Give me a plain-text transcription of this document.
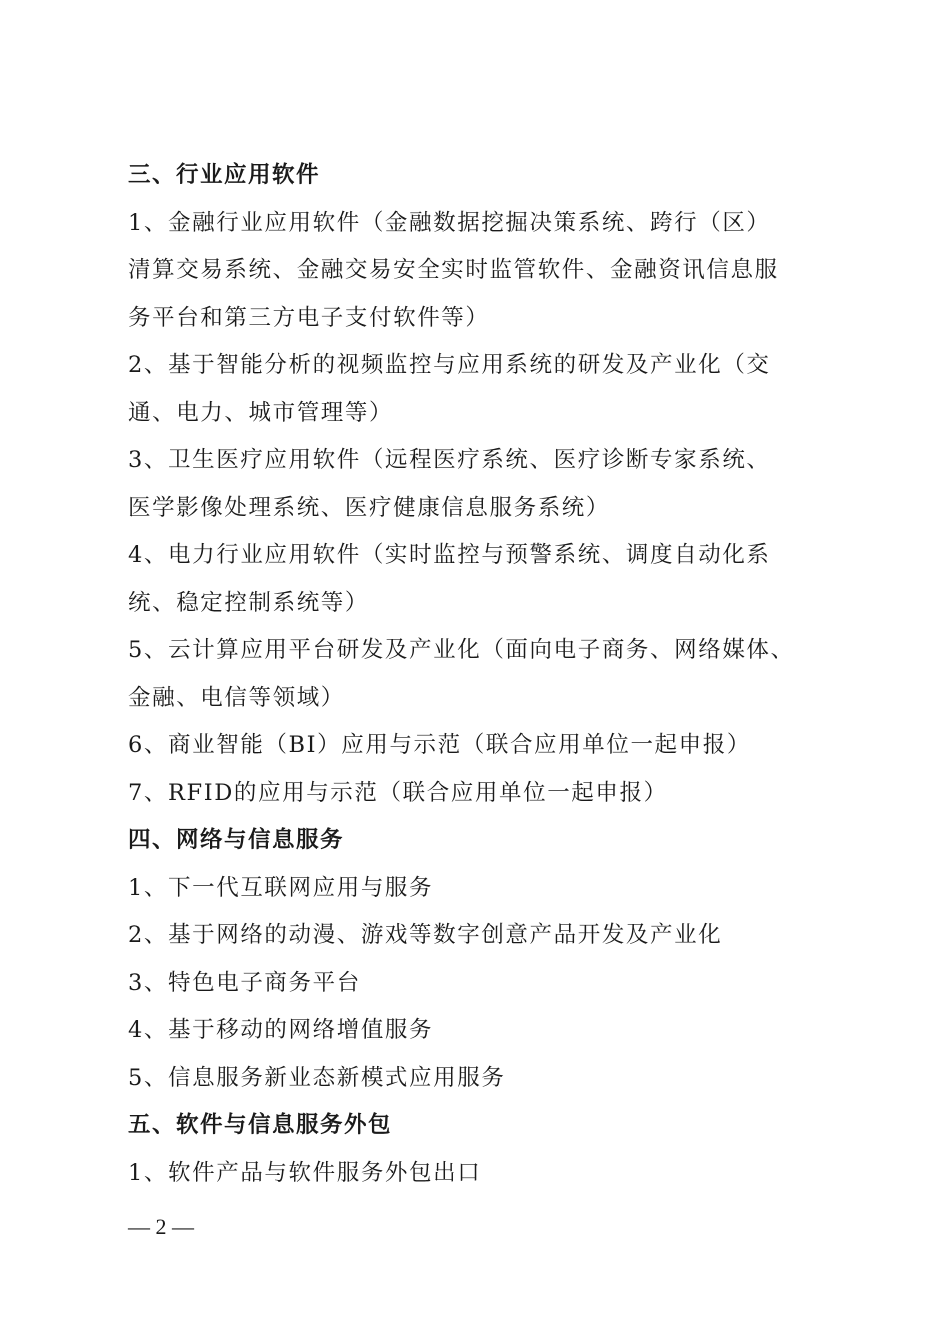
三、行业应用软件
1、金融行业应用软件（金融数据挖掘决策系统、跨行（区）
清算交易系统、金融交易安全实时监管软件、金融资讯信息服
务平台和第三方电子支付软件等）
2、基于智能分析的视频监控与应用系统的研发及产业化（交
通、电力、城市管理等）
3、卫生医疗应用软件（远程医疗系统、医疗诊断专家系统、
医学影像处理系统、医疗健康信息服务系统）
4、电力行业应用软件（实时监控与预警系统、调度自动化系
统、稳定控制系统等）
5、云计算应用平台研发及产业化（面向电子商务、网络媒体、
金融、电信等领域）
6、商业智能（BI）应用与示范（联合应用单位一起申报）
7、RFID的应用与示范（联合应用单位一起申报）
四、网络与信息服务
1、下一代互联网应用与服务
2、基于网络的动漫、游戏等数字创意产品开发及产业化
3、特色电子商务平台
4、基于移动的网络增值服务
5、信息服务新业态新模式应用服务
五、软件与信息服务外包
1、软件产品与软件服务外包出口
— 2 —
